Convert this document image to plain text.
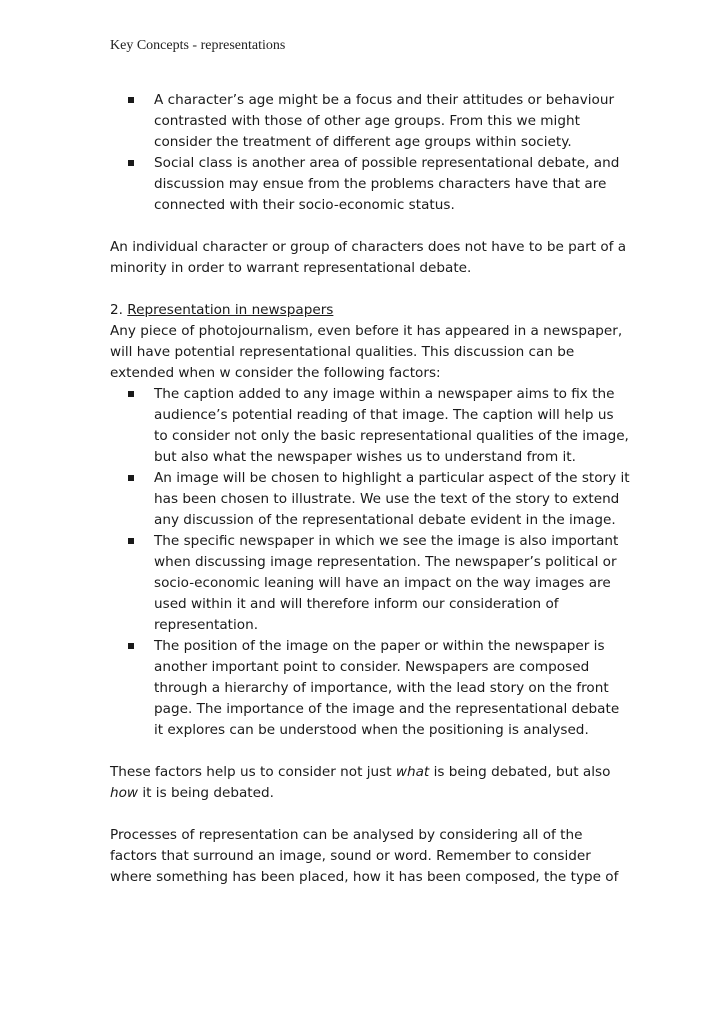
Key Concepts - representations
A character’s age might be a focus and their attitudes or behaviour contrasted with those of other age groups. From this we might consider the treatment of different age groups within society.
Social class is another area of possible representational debate, and discussion may ensue from the problems characters have that are connected with their socio-economic status.

An individual character or group of characters does not have to be part of a minority in order to warrant representational debate.

2. Representation in newspapers

Any piece of photojournalism, even before it has appeared in a newspaper, will have potential representational qualities. This discussion can be extended when w consider the following factors:

The caption added to any image within a newspaper aims to fix the audience’s potential reading of that image. The caption will help us to consider not only the basic representational qualities of the image, but also what the newspaper wishes us to understand from it.
An image will be chosen to highlight a particular aspect of the story it has been chosen to illustrate. We use the text of the story to extend any discussion of the representational debate evident in the image.
The specific newspaper in which we see the image is also important when discussing image representation. The newspaper’s political or socio-economic leaning will have an impact on the way images are used within it and will therefore inform our consideration of representation.
The position of the image on the paper or within the newspaper is another important point to consider. Newspapers are composed through a hierarchy of importance, with the lead story on the front page. The importance of the image and the representational debate it explores can be understood when the positioning is analysed.

These factors help us to consider not just what is being debated, but also how it is being debated.

Processes of representation can be analysed by considering all of the factors that surround an image, sound or word. Remember to consider where something has been placed, how it has been composed, the type of
